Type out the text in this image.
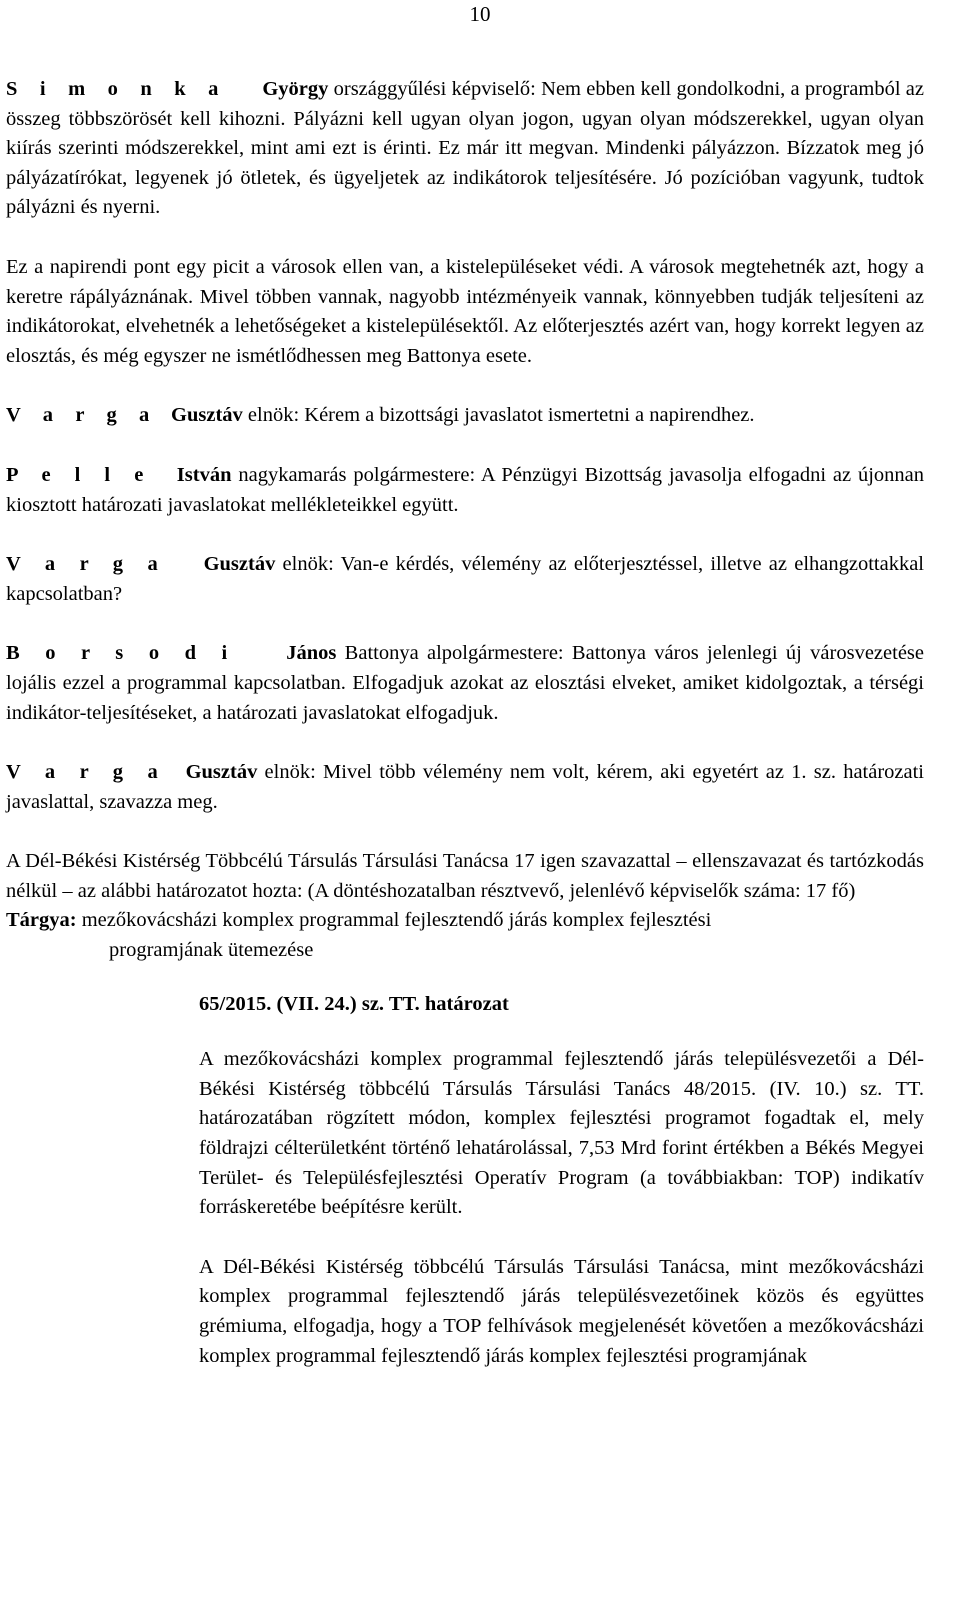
10

S i m o n k a György országgyűlési képviselő: Nem ebben kell gondolkodni, a programból az összeg többszörösét kell kihozni. Pályázni kell ugyan olyan jogon, ugyan olyan módszerekkel, ugyan olyan kiírás szerinti módszerekkel, mint ami ezt is érinti. Ez már itt megvan. Mindenki pályázzon. Bízzatok meg jó pályázatírókat, legyenek jó ötletek, és ügyeljetek az indikátorok teljesítésére. Jó pozícióban vagyunk, tudtok pályázni és nyerni.

Ez a napirendi pont egy picit a városok ellen van, a kistelepüléseket védi. A városok megtehetnék azt, hogy a keretre rápályáznának. Mivel többen vannak, nagyobb intézményeik vannak, könnyebben tudják teljesíteni az indikátorokat, elvehetnék a lehetőségeket a kistelepülésektől. Az előterjesztés azért van, hogy korrekt legyen az elosztás, és még egyszer ne ismétlődhessen meg Battonya esete.

V a r g a Gusztáv elnök: Kérem a bizottsági javaslatot ismertetni a napirendhez.

P e l l e István nagykamarás polgármestere: A Pénzügyi Bizottság javasolja elfogadni az újonnan kiosztott határozati javaslatokat mellékleteikkel együtt.

V a r g a Gusztáv elnök: Van-e kérdés, vélemény az előterjesztéssel, illetve az elhangzottakkal kapcsolatban?

B o r s o d i János Battonya alpolgármestere: Battonya város jelenlegi új városvezetése lojális ezzel a programmal kapcsolatban. Elfogadjuk azokat az elosztási elveket, amiket kidolgoztak, a térségi indikátor-teljesítéseket, a határozati javaslatokat elfogadjuk.

V a r g a Gusztáv elnök: Mivel több vélemény nem volt, kérem, aki egyetért az 1. sz. határozati javaslattal, szavazza meg.

A Dél-Békési Kistérség Többcélú Társulás Társulási Tanácsa 17 igen szavazattal – ellenszavazat és tartózkodás nélkül – az alábbi határozatot hozta: (A döntéshozatalban résztvevő, jelenlévő képviselők száma: 17 fő)

Tárgya: mezőkovácsházi komplex programmal fejlesztendő járás komplex fejlesztési

programjának ütemezése
65/2015. (VII. 24.) sz. TT. határozat

A mezőkovácsházi komplex programmal fejlesztendő járás településvezetői a Dél-Békési Kistérség többcélú Társulás Társulási Tanács 48/2015. (IV. 10.) sz. TT. határozatában rögzített módon, komplex fejlesztési programot fogadtak el, mely földrajzi célterületként történő lehatárolással, 7,53 Mrd forint értékben a Békés Megyei Terület- és Településfejlesztési Operatív Program (a továbbiakban: TOP) indikatív forráskeretébe beépítésre került.

A Dél-Békési Kistérség többcélú Társulás Társulási Tanácsa, mint mezőkovácsházi komplex programmal fejlesztendő járás településvezetőinek közös és együttes grémiuma, elfogadja, hogy a TOP felhívások megjelenését követően a mezőkovácsházi komplex programmal fejlesztendő járás komplex fejlesztési programjának
